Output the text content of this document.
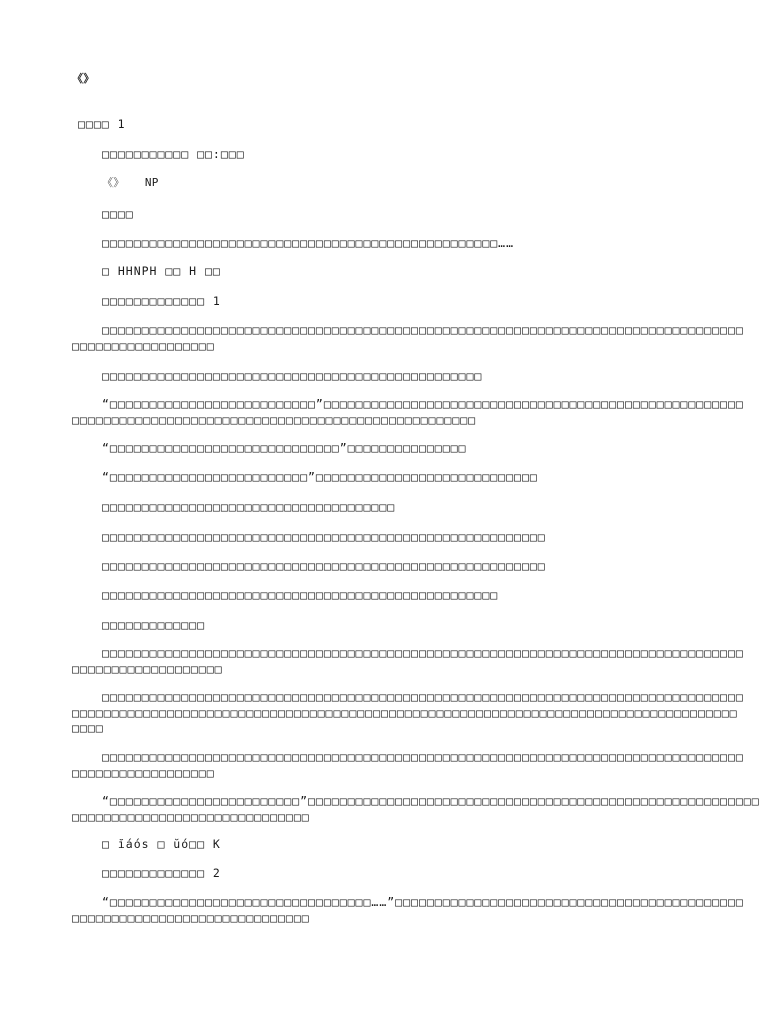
《》
□□□□ 1
□□□□□□□□□□□ □□:□□□
《》   NP
□□□□
□□□□□□□□□□□□□□□□□□□□□□□□□□□□□□□□□□□□□□□□□□□□□□□□□□……
□ HHNPH □□ H □□
□□□□□□□□□□□□□ 1
□□□□□□□□□□□□□□□□□□□□□□□□□□□□□□□□□□□□□□□□□□□□□□□□□□□□□□□□□□□□□□□□□□□□□□□□□□□□□□□□□
□□□□□□□□□□□□□□□□□□
□□□□□□□□□□□□□□□□□□□□□□□□□□□□□□□□□□□□□□□□□□□□□□□□
“□□□□□□□□□□□□□□□□□□□□□□□□□□”□□□□□□□□□□□□□□□□□□□□□□□□□□□□□□□□□□□□□□□□□□□□□□□□□□□□□
□□□□□□□□□□□□□□□□□□□□□□□□□□□□□□□□□□□□□□□□□□□□□□□□□□□
“□□□□□□□□□□□□□□□□□□□□□□□□□□□□□”□□□□□□□□□□□□□□□
“□□□□□□□□□□□□□□□□□□□□□□□□□”□□□□□□□□□□□□□□□□□□□□□□□□□□□□
□□□□□□□□□□□□□□□□□□□□□□□□□□□□□□□□□□□□□
□□□□□□□□□□□□□□□□□□□□□□□□□□□□□□□□□□□□□□□□□□□□□□□□□□□□□□□□
□□□□□□□□□□□□□□□□□□□□□□□□□□□□□□□□□□□□□□□□□□□□□□□□□□□□□□□□
□□□□□□□□□□□□□□□□□□□□□□□□□□□□□□□□□□□□□□□□□□□□□□□□□□
□□□□□□□□□□□□□
□□□□□□□□□□□□□□□□□□□□□□□□□□□□□□□□□□□□□□□□□□□□□□□□□□□□□□□□□□□□□□□□□□□□□□□□□□□□□□□□□
□□□□□□□□□□□□□□□□□□□
□□□□□□□□□□□□□□□□□□□□□□□□□□□□□□□□□□□□□□□□□□□□□□□□□□□□□□□□□□□□□□□□□□□□□□□□□□□□□□□□□
□□□□□□□□□□□□□□□□□□□□□□□□□□□□□□□□□□□□□□□□□□□□□□□□□□□□□□□□□□□□□□□□□□□□□□□□□□□□□□□□□□□□
□□□□
□□□□□□□□□□□□□□□□□□□□□□□□□□□□□□□□□□□□□□□□□□□□□□□□□□□□□□□□□□□□□□□□□□□□□□□□□□□□□□□□□
□□□□□□□□□□□□□□□□□□
“□□□□□□□□□□□□□□□□□□□□□□□□”□□□□□□□□□□□□□□□□□□□□□□□□□□□□□□□□□□□□□□□□□□□□□□□□□□□□□□□□□
□□□□□□□□□□□□□□□□□□□□□□□□□□□□□□
□ ĭáós □ ŭó□□ K
□□□□□□□□□□□□□ 2
“□□□□□□□□□□□□□□□□□□□□□□□□□□□□□□□□□……”□□□□□□□□□□□□□□□□□□□□□□□□□□□□□□□□□□□□□□□□□□□□
□□□□□□□□□□□□□□□□□□□□□□□□□□□□□□
